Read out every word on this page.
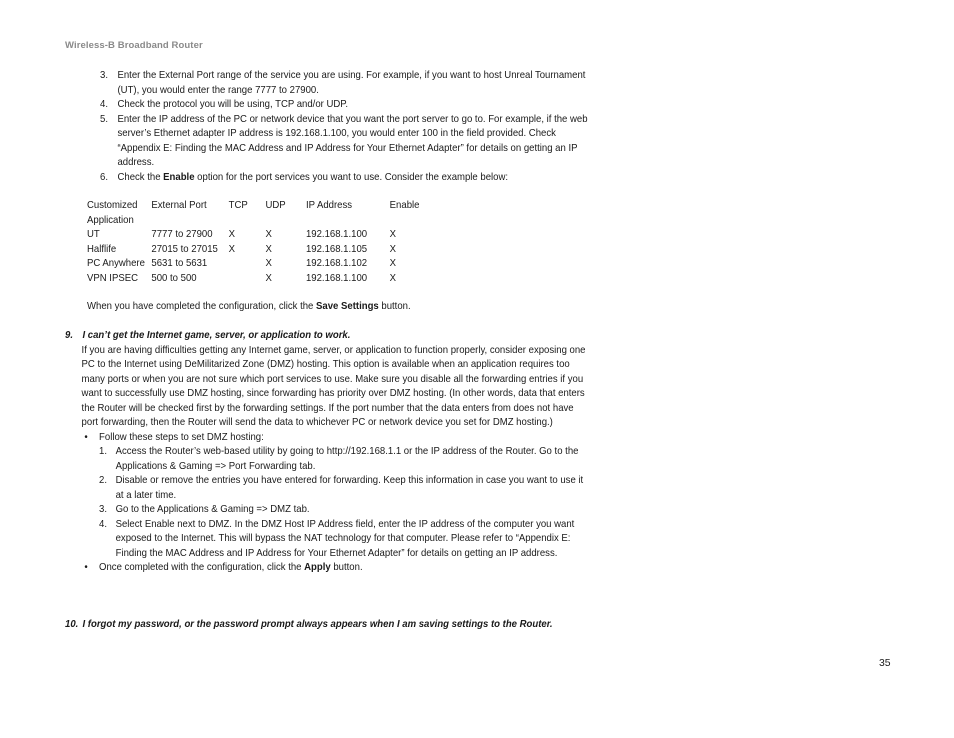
Wireless-B Broadband Router
3. Enter the External Port range of the service you are using. For example, if you want to host Unreal Tournament (UT), you would enter the range 7777 to 27900.
4. Check the protocol you will be using, TCP and/or UDP.
5. Enter the IP address of the PC or network device that you want the port server to go to. For example, if the web server’s Ethernet adapter IP address is 192.168.1.100, you would enter 100 in the field provided. Check “Appendix E: Finding the MAC Address and IP Address for Your Ethernet Adapter” for details on getting an IP address.
6. Check the Enable option for the port services you want to use. Consider the example below:
Customized Application	External Port	TCP	UDP	IP Address	Enable
UT	7777 to 27900	X	X	192.168.1.100	X
Halflife	27015 to 27015	X	X	192.168.1.105	X
PC Anywhere	5631 to 5631		X	192.168.1.102	X
VPN IPSEC	500 to 500		X	192.168.1.100	X
When you have completed the configuration, click the Save Settings button.
9. I can’t get the Internet game, server, or application to work.
If you are having difficulties getting any Internet game, server, or application to function properly, consider exposing one PC to the Internet using DeMilitarized Zone (DMZ) hosting. This option is available when an application requires too many ports or when you are not sure which port services to use. Make sure you disable all the forwarding entries if you want to successfully use DMZ hosting, since forwarding has priority over DMZ hosting. (In other words, data that enters the Router will be checked first by the forwarding settings. If the port number that the data enters from does not have port forwarding, then the Router will send the data to whichever PC or network device you set for DMZ hosting.)
• Follow these steps to set DMZ hosting:
1. Access the Router’s web-based utility by going to http://192.168.1.1 or the IP address of the Router. Go to the Applications & Gaming => Port Forwarding tab.
2. Disable or remove the entries you have entered for forwarding. Keep this information in case you want to use it at a later time.
3. Go to the Applications & Gaming => DMZ tab.
4. Select Enable next to DMZ. In the DMZ Host IP Address field, enter the IP address of the computer you want exposed to the Internet. This will bypass the NAT technology for that computer. Please refer to “Appendix E: Finding the MAC Address and IP Address for Your Ethernet Adapter” for details on getting an IP address.
• Once completed with the configuration, click the Apply button.
10. I forgot my password, or the password prompt always appears when I am saving settings to the Router.
35
